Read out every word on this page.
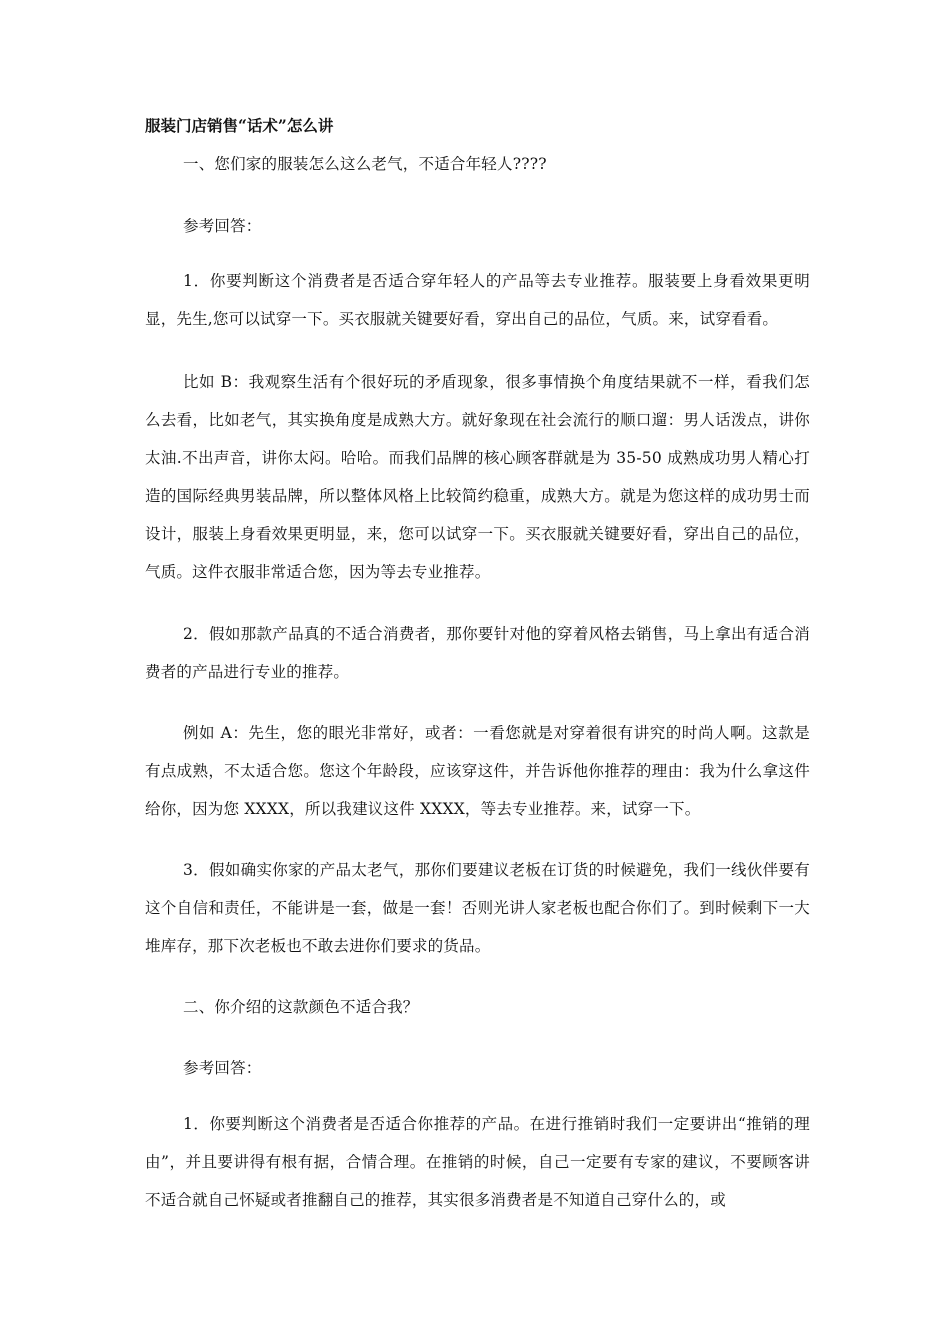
服装门店销售“话术”怎么讲

一、您们家的服装怎么这么老气，不适合年轻人????

参考回答：

1．你要判断这个消费者是否适合穿年轻人的产品等去专业推荐。服装要上身看效果更明显，先生,您可以试穿一下。买衣服就关键要好看，穿出自己的品位，气质。来，试穿看看。

比如 B：我观察生活有个很好玩的矛盾现象，很多事情换个角度结果就不一样，看我们怎么去看，比如老气，其实换角度是成熟大方。就好象现在社会流行的顺口遛：男人话泼点，讲你太油.不出声音，讲你太闷。哈哈。而我们品牌的核心顾客群就是为 35-50 成熟成功男人精心打造的国际经典男装品牌，所以整体风格上比较简约稳重，成熟大方。就是为您这样的成功男士而设计，服装上身看效果更明显，来，您可以试穿一下。买衣服就关键要好看，穿出自己的品位，气质。这件衣服非常适合您，因为等去专业推荐。

2．假如那款产品真的不适合消费者，那你要针对他的穿着风格去销售，马上拿出有适合消费者的产品进行专业的推荐。

例如 A：先生，您的眼光非常好，或者：一看您就是对穿着很有讲究的时尚人啊。这款是有点成熟，不太适合您。您这个年龄段，应该穿这件，并告诉他你推荐的理由：我为什么拿这件给你，因为您 XXXX，所以我建议这件 XXXX，等去专业推荐。来，试穿一下。

3．假如确实你家的产品太老气，那你们要建议老板在订货的时候避免，我们一线伙伴要有这个自信和责任，不能讲是一套，做是一套！否则光讲人家老板也配合你们了。到时候剩下一大堆库存，那下次老板也不敢去进你们要求的货品。

二、你介绍的这款颜色不适合我？

参考回答：

1．你要判断这个消费者是否适合你推荐的产品。在进行推销时我们一定要讲出“推销的理由”，并且要讲得有根有据，合情合理。在推销的时候，自己一定要有专家的建议，不要顾客讲不适合就自己怀疑或者推翻自己的推荐，其实很多消费者是不知道自己穿什么的，或
